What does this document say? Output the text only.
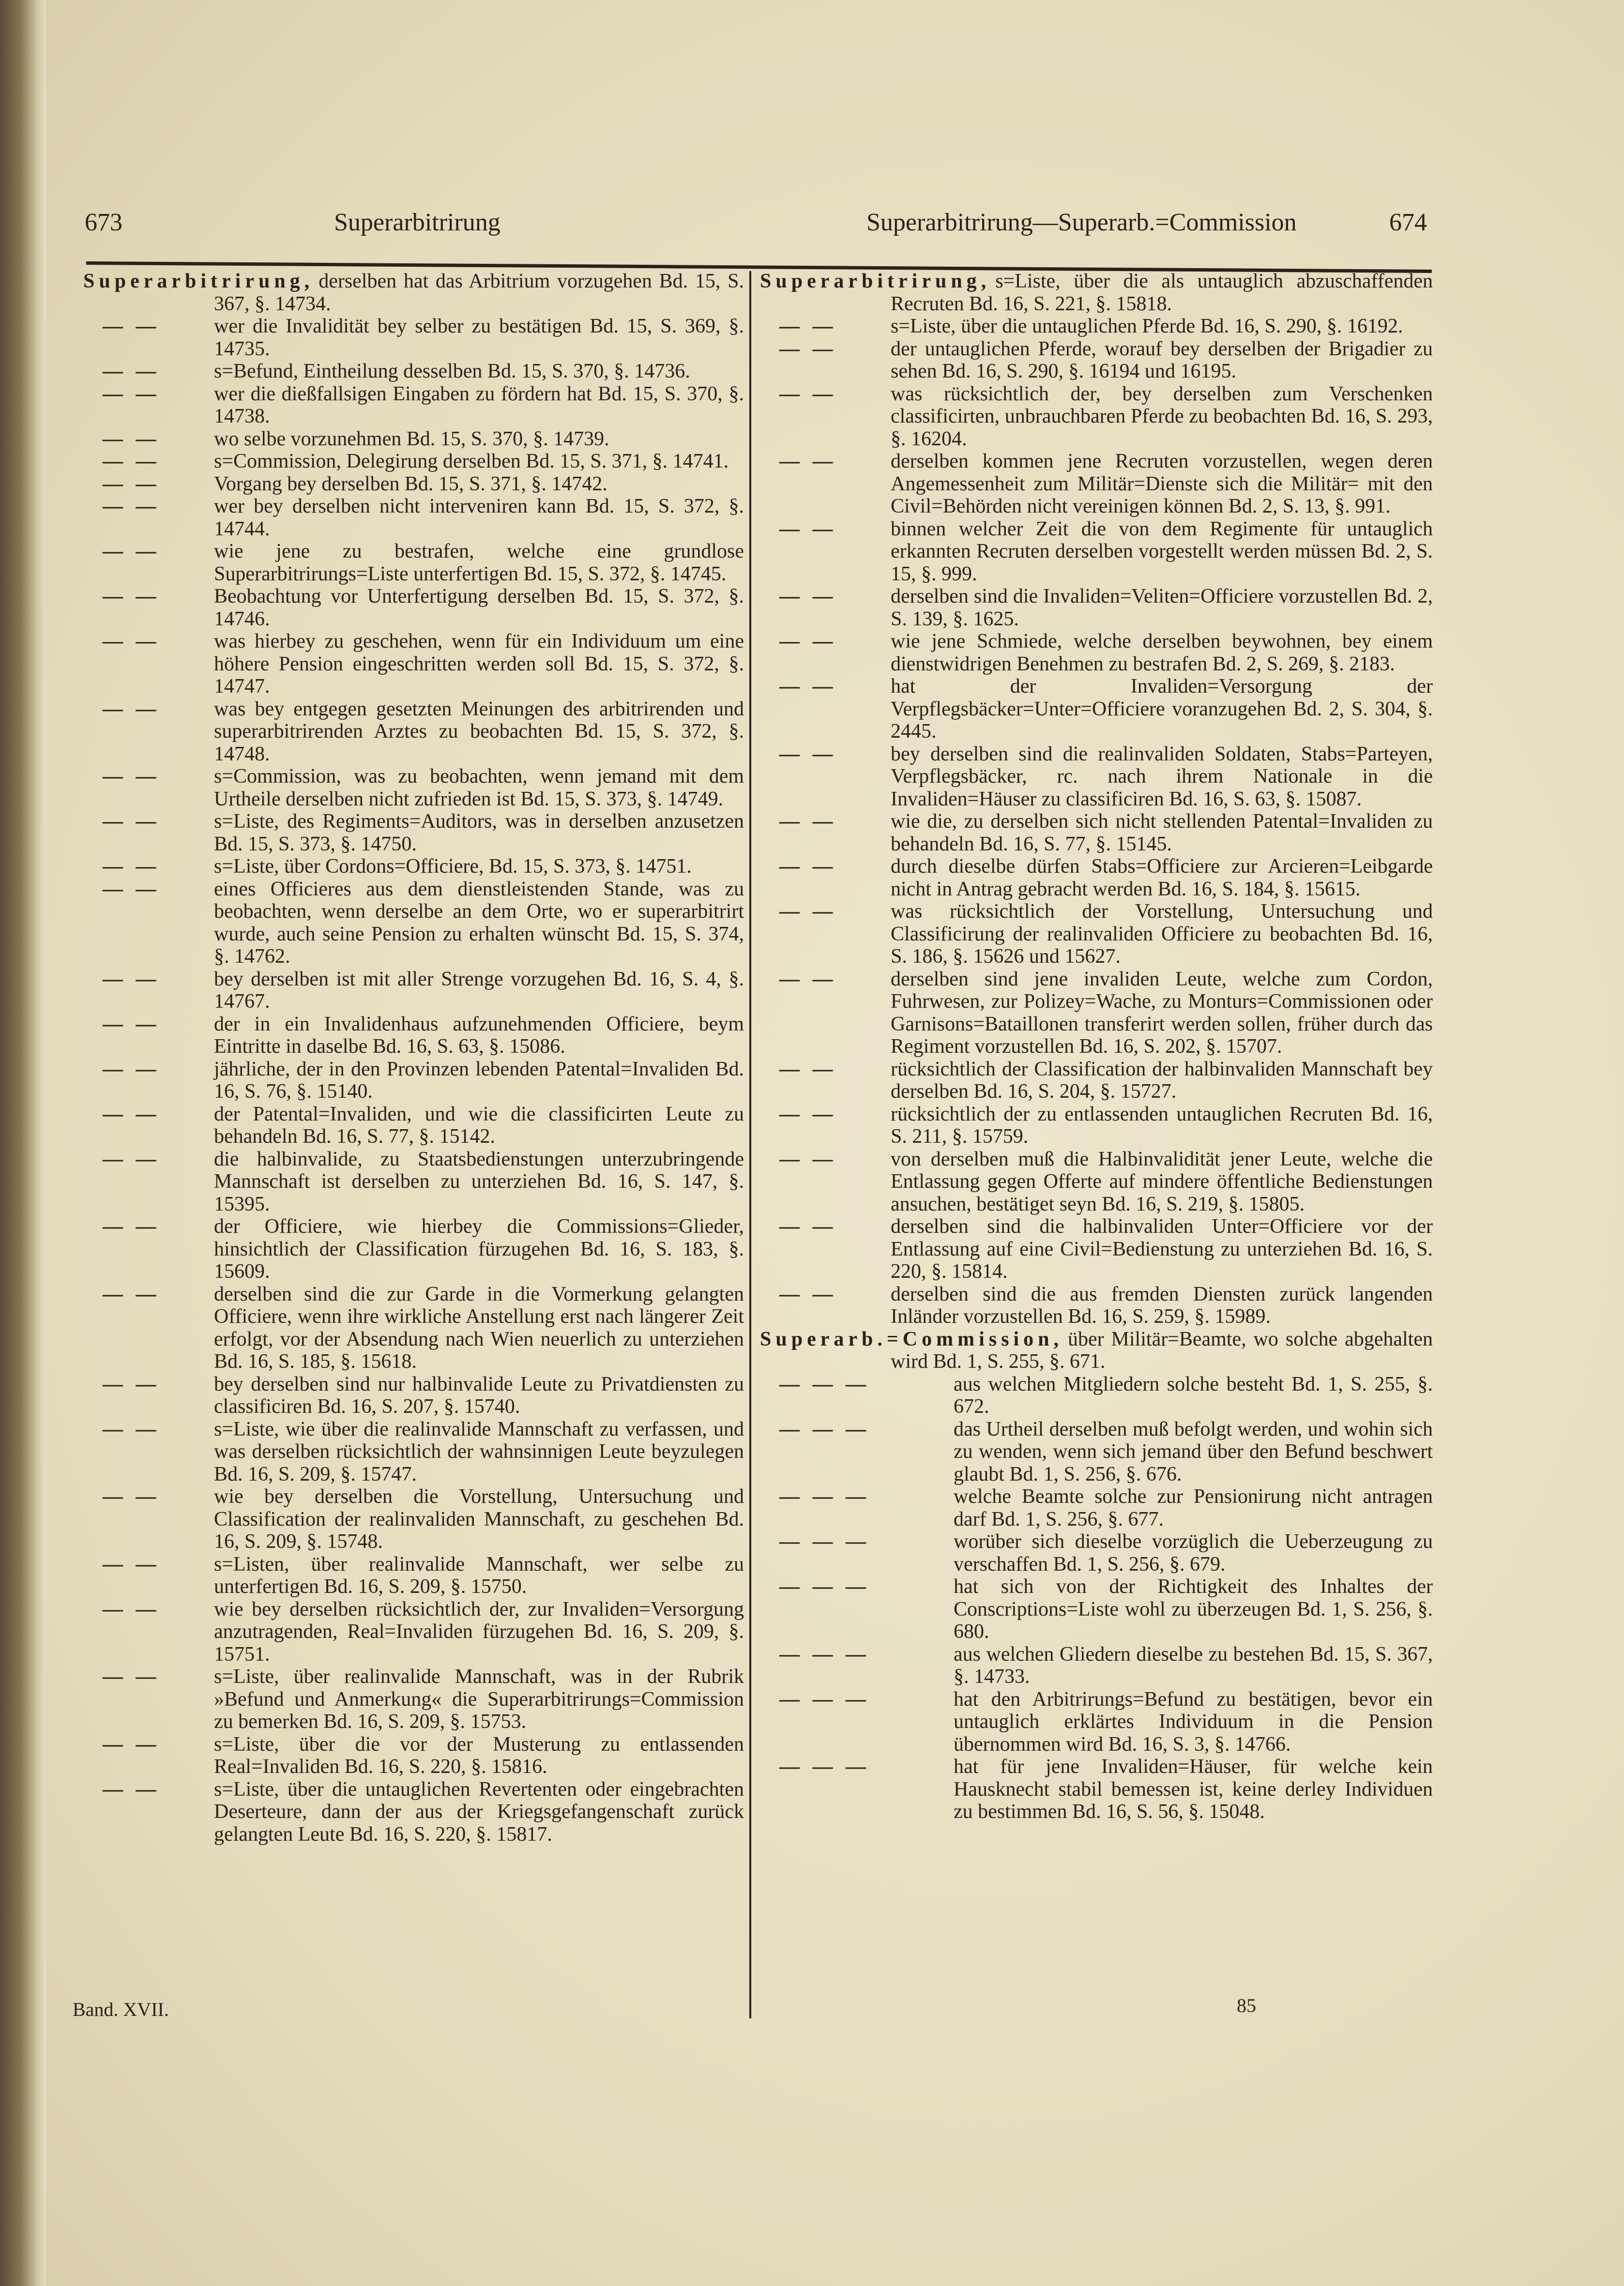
673	Superarbitrirung	Superarbitrirung—Superarb.=Commission	674
Superarbitrirung, derselben hat das Arbitrium vorzugehen Bd. 15, S. 367, §. 14734.
— —	wer die Invalidität bey selber zu bestätigen Bd. 15, S. 369, §. 14735.
— —	s=Befund, Eintheilung desselben Bd. 15, S. 370, §. 14736.
— —	wer die dießfallsigen Eingaben zu fördern hat Bd. 15, S. 370, §. 14738.
— —	wo selbe vorzunehmen Bd. 15, S. 370, §. 14739.
— —	s=Commission, Delegirung derselben Bd. 15, S. 371, §. 14741.
— —	Vorgang bey derselben Bd. 15, S. 371, §. 14742.
— —	wer bey derselben nicht interveniren kann Bd. 15, S. 372, §. 14744.
— —	wie jene zu bestrafen, welche eine grundlose Superarbitrirungs=Liste unterfertigen Bd. 15, S. 372, §. 14745.
— —	Beobachtung vor Unterfertigung derselben Bd. 15, S. 372, §. 14746.
— —	was hierbey zu geschehen, wenn für ein Individuum um eine höhere Pension eingeschritten werden soll Bd. 15, S. 372, §. 14747.
— —	was bey entgegen gesetzten Meinungen des arbitrirenden und superarbitrirenden Arztes zu beobachten Bd. 15, S. 372, §. 14748.
— —	s=Commission, was zu beobachten, wenn jemand mit dem Urtheile derselben nicht zufrieden ist Bd. 15, S. 373, §. 14749.
— —	s=Liste, des Regiments=Auditors, was in derselben anzusetzen Bd. 15, S. 373, §. 14750.
— —	s=Liste, über Cordons=Officiere, Bd. 15, S. 373, §. 14751.
— —	eines Officieres aus dem dienstleistenden Stande, was zu beobachten, wenn derselbe an dem Orte, wo er superarbitrirt wurde, auch seine Pension zu erhalten wünscht Bd. 15, S. 374, §. 14762.
— —	bey derselben ist mit aller Strenge vorzugehen Bd. 16, S. 4, §. 14767.
— —	der in ein Invalidenhaus aufzunehmenden Officiere, beym Eintritte in daselbe Bd. 16, S. 63, §. 15086.
— —	jährliche, der in den Provinzen lebenden Patental=Invaliden Bd. 16, S. 76, §. 15140.
— —	der Patental=Invaliden, und wie die classificirten Leute zu behandeln Bd. 16, S. 77, §. 15142.
— —	die halbinvalide, zu Staatsbedienstungen unterzubringende Mannschaft ist derselben zu unterziehen Bd. 16, S. 147, §. 15395.
— —	der Officiere, wie hierbey die Commissions=Glieder, hinsichtlich der Classification fürzugehen Bd. 16, S. 183, §. 15609.
— —	derselben sind die zur Garde in die Vormerkung gelangten Officiere, wenn ihre wirkliche Anstellung erst nach längerer Zeit erfolgt, vor der Absendung nach Wien neuerlich zu unterziehen Bd. 16, S. 185, §. 15618.
— —	bey derselben sind nur halbinvalide Leute zu Privatdiensten zu classificiren Bd. 16, S. 207, §. 15740.
— —	s=Liste, wie über die realinvalide Mannschaft zu verfassen, und was derselben rücksichtlich der wahnsinnigen Leute beyzulegen Bd. 16, S. 209, §. 15747.
— —	wie bey derselben die Vorstellung, Untersuchung und Classification der realinvaliden Mannschaft, zu geschehen Bd. 16, S. 209, §. 15748.
— —	s=Listen, über realinvalide Mannschaft, wer selbe zu unterfertigen Bd. 16, S. 209, §. 15750.
— —	wie bey derselben rücksichtlich der, zur Invaliden=Versorgung anzutragenden, Real=Invaliden fürzugehen Bd. 16, S. 209, §. 15751.
— —	s=Liste, über realinvalide Mannschaft, was in der Rubrik »Befund und Anmerkung« die Superarbitrirungs=Commission zu bemerken Bd. 16, S. 209, §. 15753.
— —	s=Liste, über die vor der Musterung zu entlassenden Real=Invaliden Bd. 16, S. 220, §. 15816.
— —	s=Liste, über die untauglichen Revertenten oder eingebrachten Deserteure, dann der aus der Kriegsgefangenschaft zurück gelangten Leute Bd. 16, S. 220, §. 15817.
Superarbitrirung, s=Liste, über die als untauglich abzuschaffenden Recruten Bd. 16, S. 221, §. 15818.
— —	s=Liste, über die untauglichen Pferde Bd. 16, S. 290, §. 16192.
— —	der untauglichen Pferde, worauf bey derselben der Brigadier zu sehen Bd. 16, S. 290, §. 16194 und 16195.
— —	was rücksichtlich der, bey derselben zum Verschenken classificirten, unbrauchbaren Pferde zu beobachten Bd. 16, S. 293, §. 16204.
— —	derselben kommen jene Recruten vorzustellen, wegen deren Angemessenheit zum Militär=Dienste sich die Militär= mit den Civil=Behörden nicht vereinigen können Bd. 2, S. 13, §. 991.
— —	binnen welcher Zeit die von dem Regimente für untauglich erkannten Recruten derselben vorgestellt werden müssen Bd. 2, S. 15, §. 999.
— —	derselben sind die Invaliden=Veliten=Officiere vorzustellen Bd. 2, S. 139, §. 1625.
— —	wie jene Schmiede, welche derselben beywohnen, bey einem dienstwidrigen Benehmen zu bestrafen Bd. 2, S. 269, §. 2183.
— —	hat der Invaliden=Versorgung der Verpflegsbäcker=Unter=Officiere voranzugehen Bd. 2, S. 304, §. 2445.
— —	bey derselben sind die realinvaliden Soldaten, Stabs=Parteyen, Verpflegsbäcker, rc. nach ihrem Nationale in die Invaliden=Häuser zu classificiren Bd. 16, S. 63, §. 15087.
— —	wie die, zu derselben sich nicht stellenden Patental=Invaliden zu behandeln Bd. 16, S. 77, §. 15145.
— —	durch dieselbe dürfen Stabs=Officiere zur Arcieren=Leibgarde nicht in Antrag gebracht werden Bd. 16, S. 184, §. 15615.
— —	was rücksichtlich der Vorstellung, Untersuchung und Classificirung der realinvaliden Officiere zu beobachten Bd. 16, S. 186, §. 15626 und 15627.
— —	derselben sind jene invaliden Leute, welche zum Cordon, Fuhrwesen, zur Polizey=Wache, zu Monturs=Commissionen oder Garnisons=Bataillonen transferirt werden sollen, früher durch das Regiment vorzustellen Bd. 16, S. 202, §. 15707.
— —	rücksichtlich der Classification der halbinvaliden Mannschaft bey derselben Bd. 16, S. 204, §. 15727.
— —	rücksichtlich der zu entlassenden untauglichen Recruten Bd. 16, S. 211, §. 15759.
— —	von derselben muß die Halbinvalidität jener Leute, welche die Entlassung gegen Offerte auf mindere öffentliche Bedienstungen ansuchen, bestätiget seyn Bd. 16, S. 219, §. 15805.
— —	derselben sind die halbinvaliden Unter=Officiere vor der Entlassung auf eine Civil=Bedienstung zu unterziehen Bd. 16, S. 220, §. 15814.
— —	derselben sind die aus fremden Diensten zurück langenden Inländer vorzustellen Bd. 16, S. 259, §. 15989.
Superarb.=Commission, über Militär=Beamte, wo solche abgehalten wird Bd. 1, S. 255, §. 671.
— — —	aus welchen Mitgliedern solche besteht Bd. 1, S. 255, §. 672.
— — —	das Urtheil derselben muß befolgt werden, und wohin sich zu wenden, wenn sich jemand über den Befund beschwert glaubt Bd. 1, S. 256, §. 676.
— — —	welche Beamte solche zur Pensionirung nicht antragen darf Bd. 1, S. 256, §. 677.
— — —	worüber sich dieselbe vorzüglich die Ueberzeugung zu verschaffen Bd. 1, S. 256, §. 679.
— — —	hat sich von der Richtigkeit des Inhaltes der Conscriptions=Liste wohl zu überzeugen Bd. 1, S. 256, §. 680.
— — —	aus welchen Gliedern dieselbe zu bestehen Bd. 15, S. 367, §. 14733.
— — —	hat den Arbitrirungs=Befund zu bestätigen, bevor ein untauglich erklärtes Individuum in die Pension übernommen wird Bd. 16, S. 3, §. 14766.
— — —	hat für jene Invaliden=Häuser, für welche kein Hausknecht stabil bemessen ist, keine derley Individuen zu bestimmen Bd. 16, S. 56, §. 15048.
Band. XVII.	85
